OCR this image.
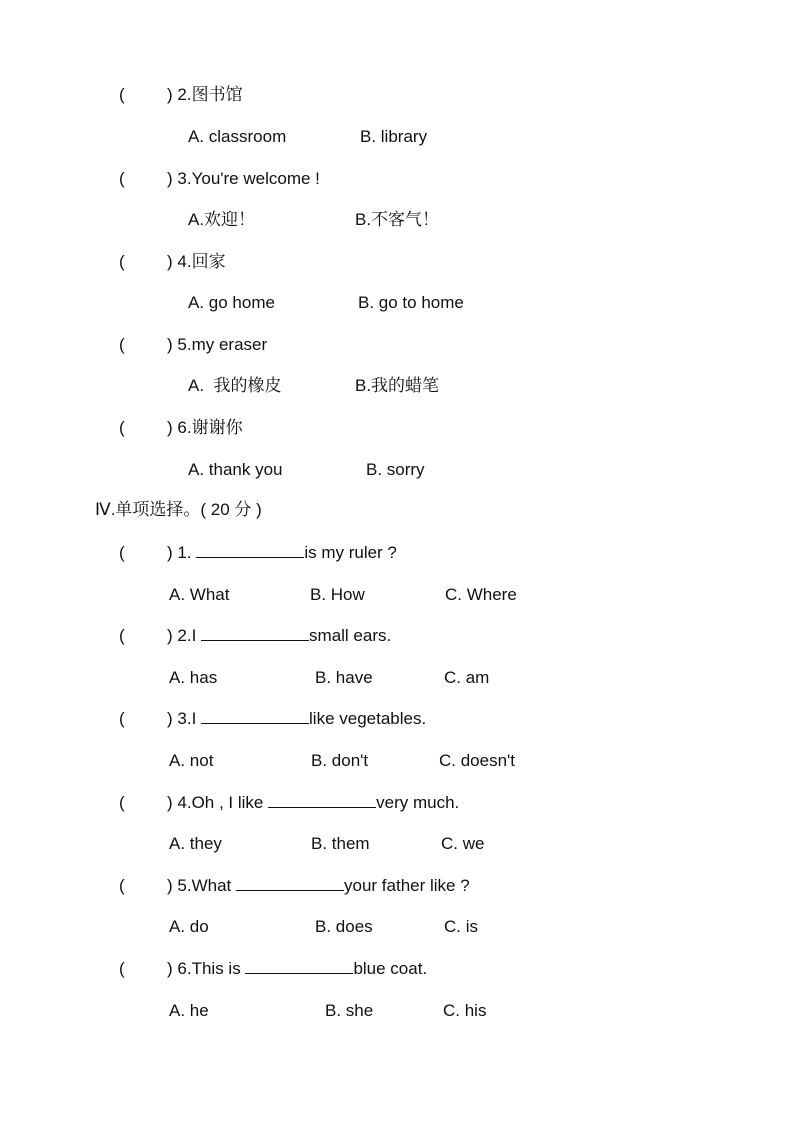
( ) 2.图书馆
A. classroom	B. library
( ) 3.You're welcome !
A.欢迎！	B.不客气！
( ) 4.回家
A. go home	B. go to home
( ) 5.my eraser
A.  我的橡皮	B.我的蜡笔
( ) 6.谢谢你
A. thank you	B. sorry
Ⅳ.单项选择。( 20 分 )
( ) 1.	is my ruler ?
A. What	B. How	C. Where
( ) 2.I	small ears.
A. has	B. have	C. am
( ) 3.I	like vegetables.
A. not	B. don't	C. doesn't
( ) 4.Oh , I like	very much.
A. they	B. them	C. we
( ) 5.What	your father like ?
A. do	B. does	C. is
( ) 6.This is	blue coat.
A. he	B. she	C. his
